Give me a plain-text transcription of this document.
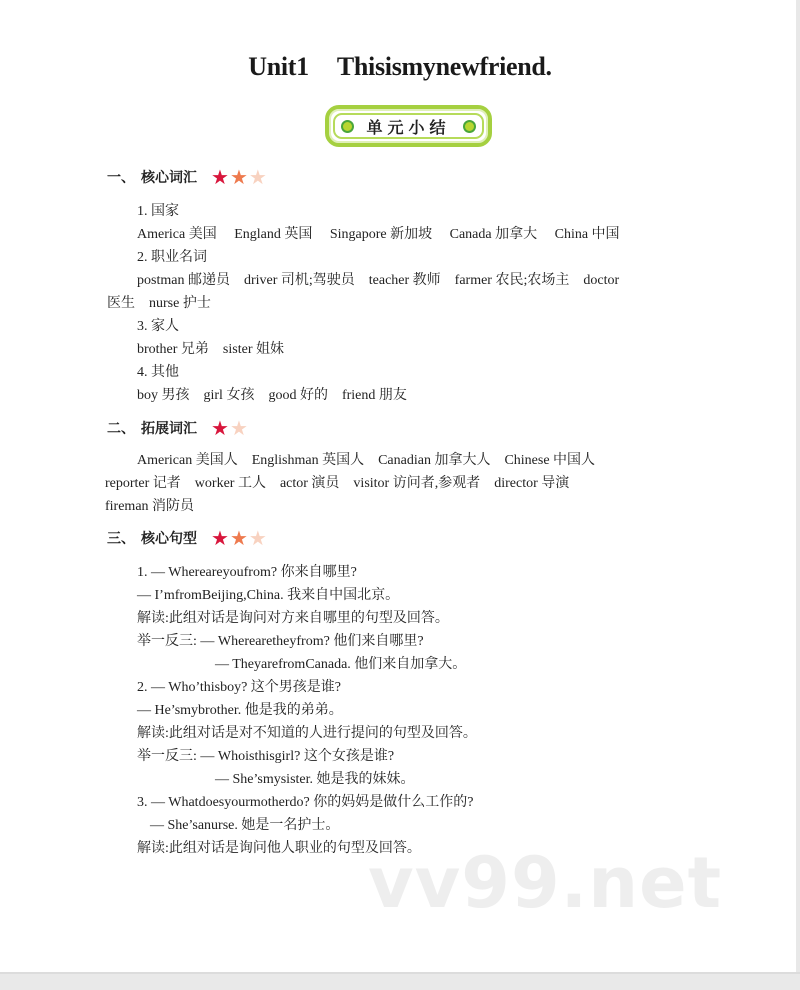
Unit1 Thisismynewfriend.
单元小结
一、 核心词汇 ★ ★ ★
1. 国家
America 美国 England 英国 Singapore 新加坡 Canada 加拿大 China 中国
2. 职业名词
postman 邮递员　driver 司机;驾驶员　teacher 教师　farmer 农民;农场主　doctor
医生　nurse 护士
3. 家人
brother 兄弟　sister 姐妹
4. 其他
boy 男孩　girl 女孩　good 好的　friend 朋友
二、 拓展词汇 ★ ★
American 美国人　Englishman 英国人　Canadian 加拿大人　Chinese 中国人
reporter 记者　worker 工人　actor 演员　visitor 访问者,参观者　director 导演
fireman 消防员
三、 核心句型 ★ ★ ★
1. — Whereareyoufrom? 你来自哪里?
— I’mfromBeijing,China. 我来自中国北京。
解读:此组对话是询问对方来自哪里的句型及回答。
举一反三: — Wherearetheyfrom? 他们来自哪里?
— TheyarefromCanada. 他们来自加拿大。
2. — Who’thisboy? 这个男孩是谁?
— He’smybrother. 他是我的弟弟。
解读:此组对话是对不知道的人进行提问的句型及回答。
举一反三: — Whoisthisgirl? 这个女孩是谁?
— She’smysister. 她是我的妹妹。
3. — Whatdoesyourmotherdo? 你的妈妈是做什么工作的?
— She’sanurse. 她是一名护士。
解读:此组对话是询问他人职业的句型及回答。
vv99.net
